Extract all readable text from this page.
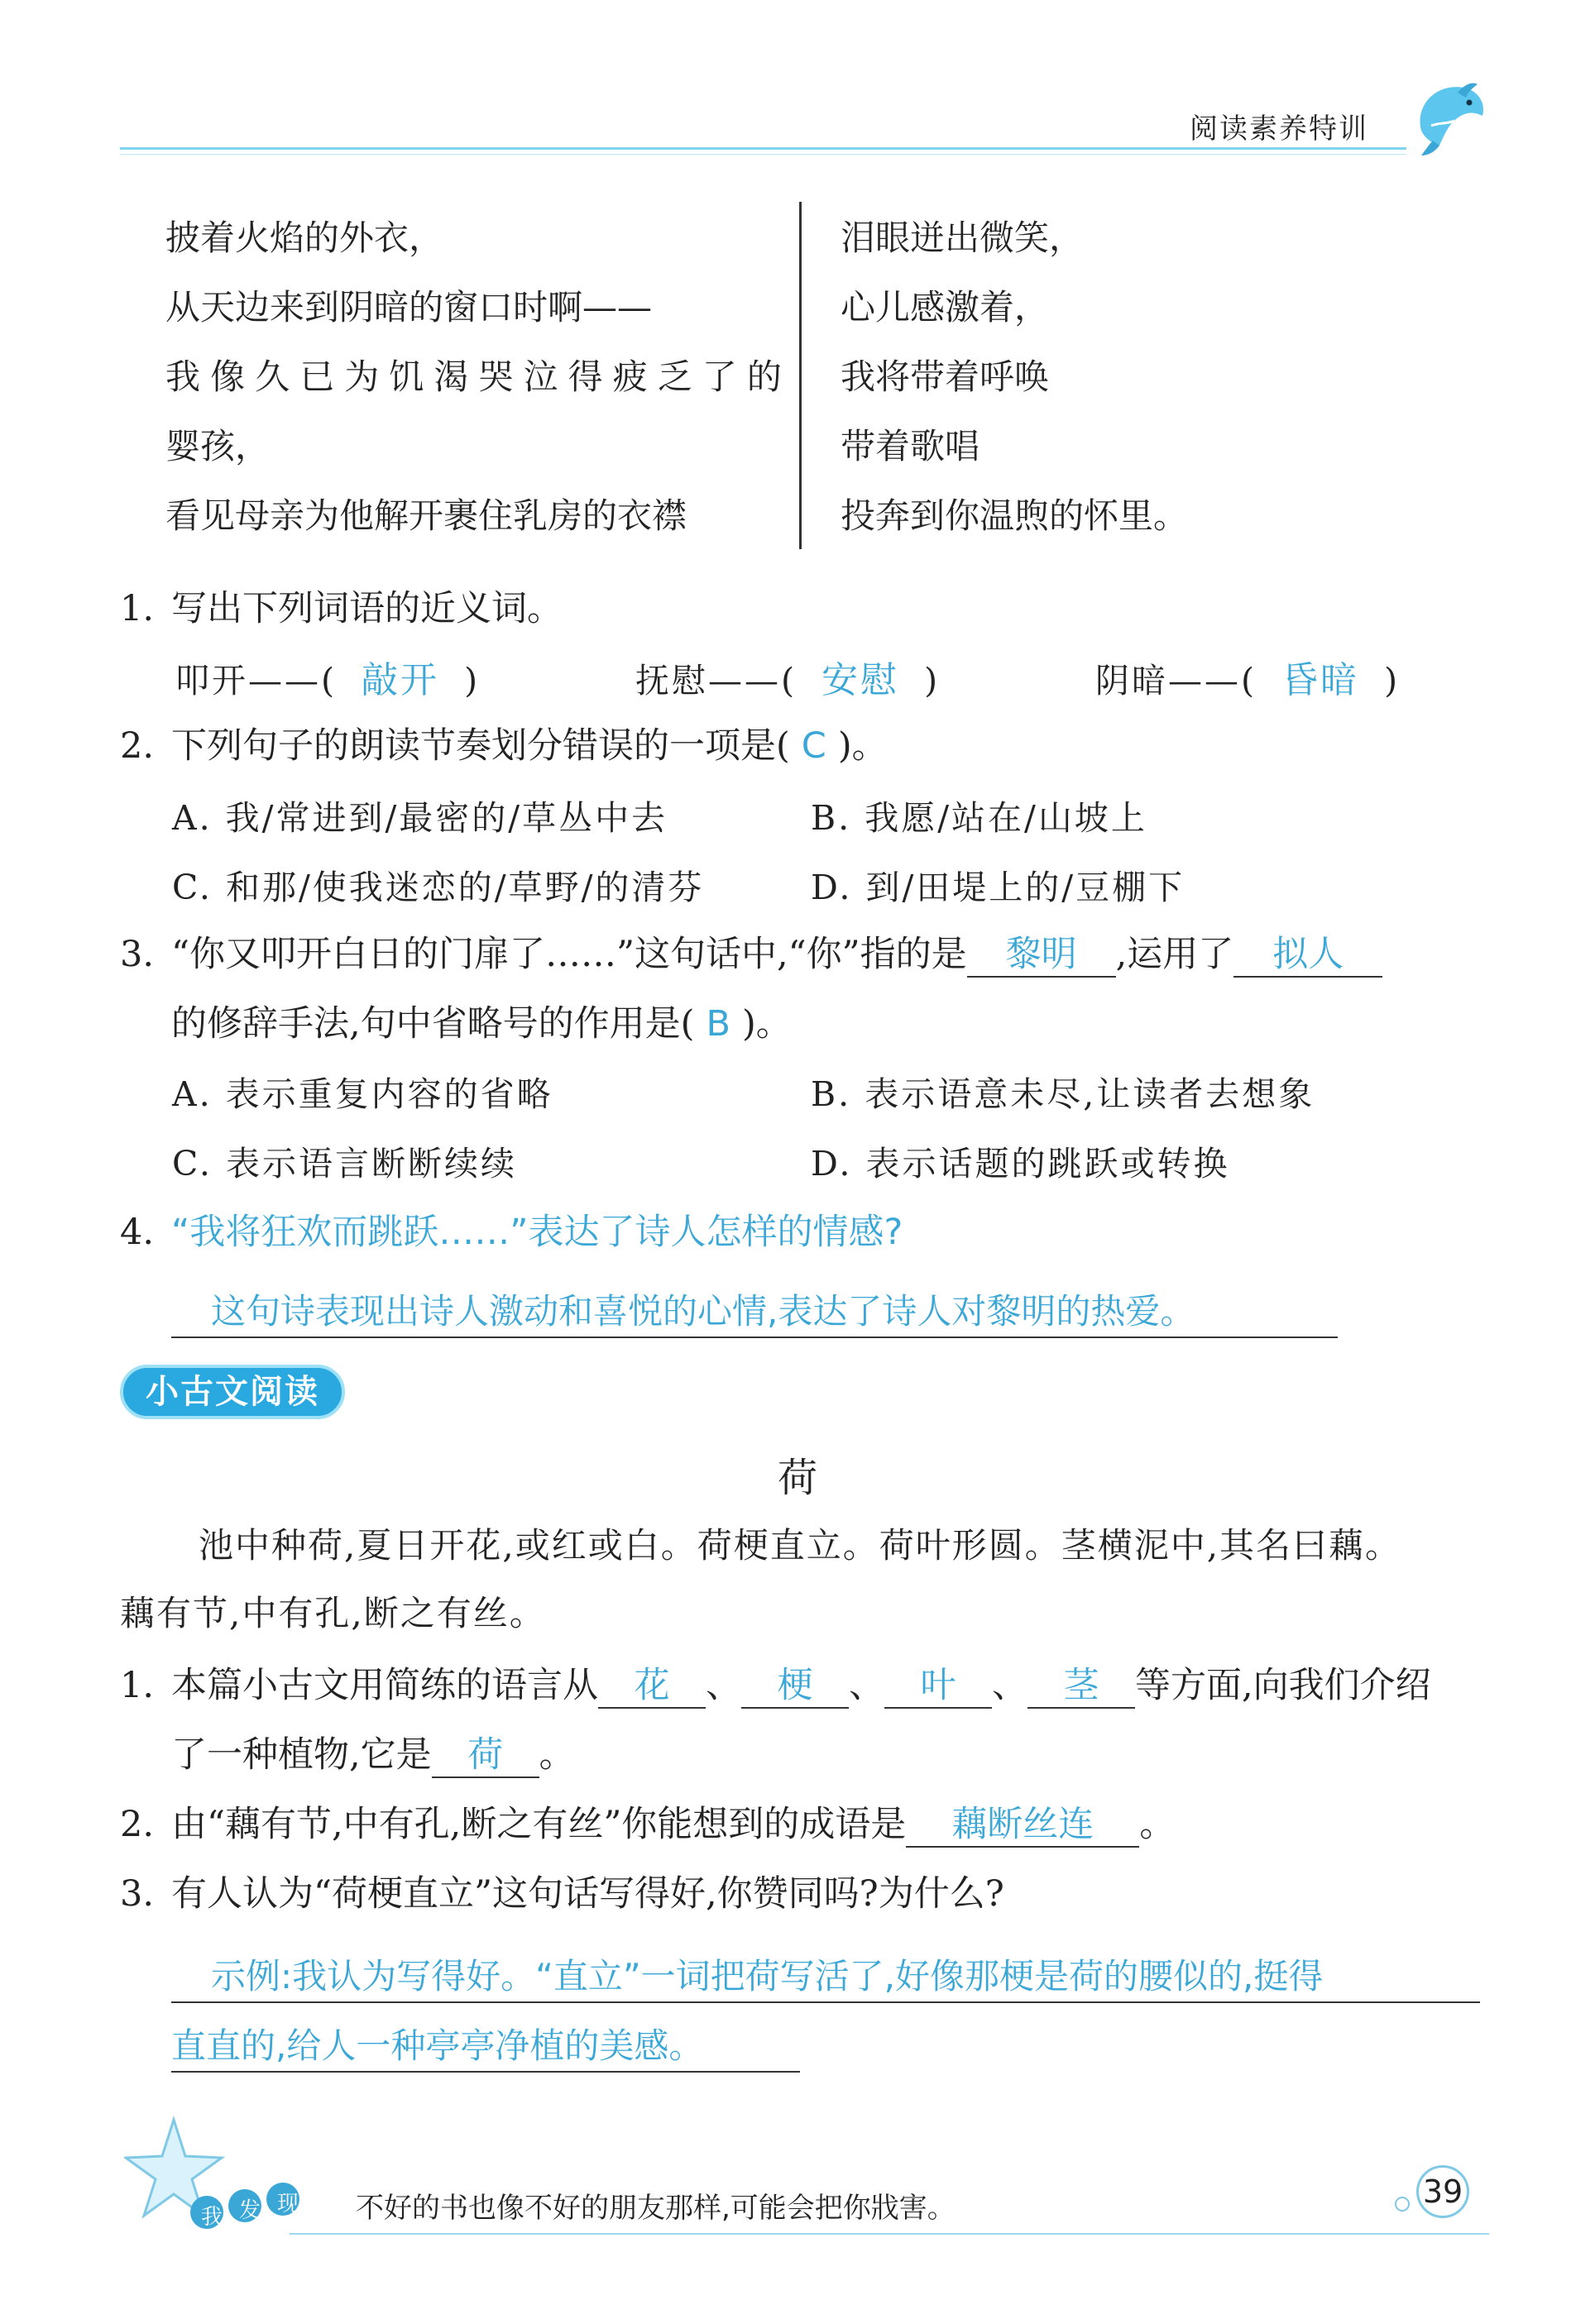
阅读素养特训
披着火焰的外衣，
从天边来到阴暗的窗口时啊——
我 像 久 已 为 饥 渴 哭 泣 得 疲 乏 了 的
婴孩，
看见母亲为他解开裹住乳房的衣襟
泪眼迸出微笑，
心儿感激着，
我将带着呼唤
带着歌唱
投奔到你温煦的怀里。
1. 写出下列词语的近义词。
叩开——( 敲开 )	抚慰——( 安慰 )	阴暗——( 昏暗 )
2. 下列句子的朗读节奏划分错误的一项是( C )。
A. 我/常进到/最密的/草丛中去	B. 我愿/站在/山坡上
C. 和那/使我迷恋的/草野/的清芬	D. 到/田堤上的/豆棚下
3. “你又叩开白日的门扉了……”这句话中,“你”指的是 黎明 ,运用了 拟人
的修辞手法,句中省略号的作用是( B )。
A. 表示重复内容的省略	B. 表示语意未尽,让读者去想象
C. 表示语言断断续续	D. 表示话题的跳跃或转换
4. “我将狂欢而跳跃……”表达了诗人怎样的情感?
这句诗表现出诗人激动和喜悦的心情,表达了诗人对黎明的热爱。
小古文阅读
荷
池中种荷,夏日开花,或红或白。荷梗直立。荷叶形圆。茎横泥中,其名曰藕。
藕有节,中有孔,断之有丝。
1. 本篇小古文用简练的语言从 花 、 梗 、 叶 、 茎 等方面,向我们介绍
了一种植物,它是 荷 。
2. 由“藕有节,中有孔,断之有丝”你能想到的成语是 藕断丝连 。
3. 有人认为“荷梗直立”这句话写得好,你赞同吗?为什么?
示例:我认为写得好。“直立”一词把荷写活了,好像那梗是荷的腰似的,挺得
直直的,给人一种亭亭净植的美感。
我 发 现 不好的书也像不好的朋友那样,可能会把你戕害。	39
